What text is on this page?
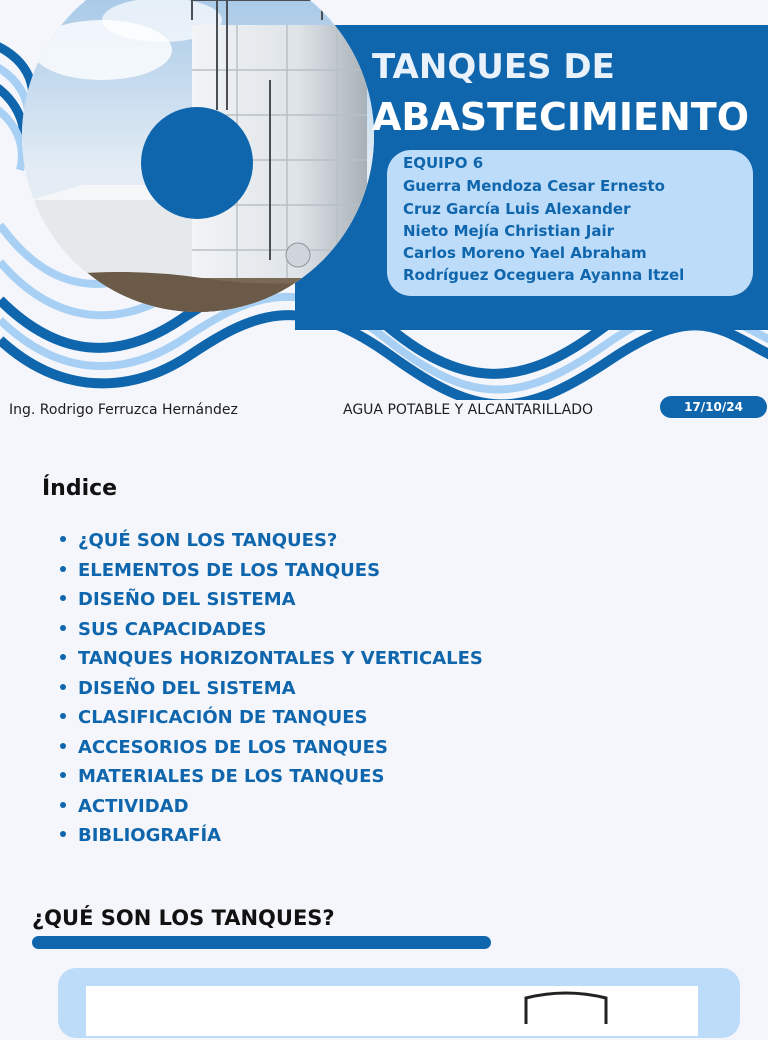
TANQUES DE
ABASTECIMIENTO
EQUIPO 6
Guerra Mendoza Cesar Ernesto
Cruz García Luis Alexander
Nieto Mejía Christian Jair
Carlos Moreno Yael Abraham
Rodríguez Oceguera Ayanna Itzel
Ing. Rodrigo Ferruzca Hernández	AGUA POTABLE Y ALCANTARILLADO	17/10/24
Índice
¿QUÉ SON LOS TANQUES?
ELEMENTOS DE LOS TANQUES
DISEÑO DEL SISTEMA
SUS CAPACIDADES
TANQUES HORIZONTALES Y VERTICALES
DISEÑO DEL SISTEMA
CLASIFICACIÓN DE TANQUES
ACCESORIOS DE LOS TANQUES
MATERIALES DE LOS TANQUES
ACTIVIDAD
BIBLIOGRAFÍA
¿QUÉ SON LOS TANQUES?
